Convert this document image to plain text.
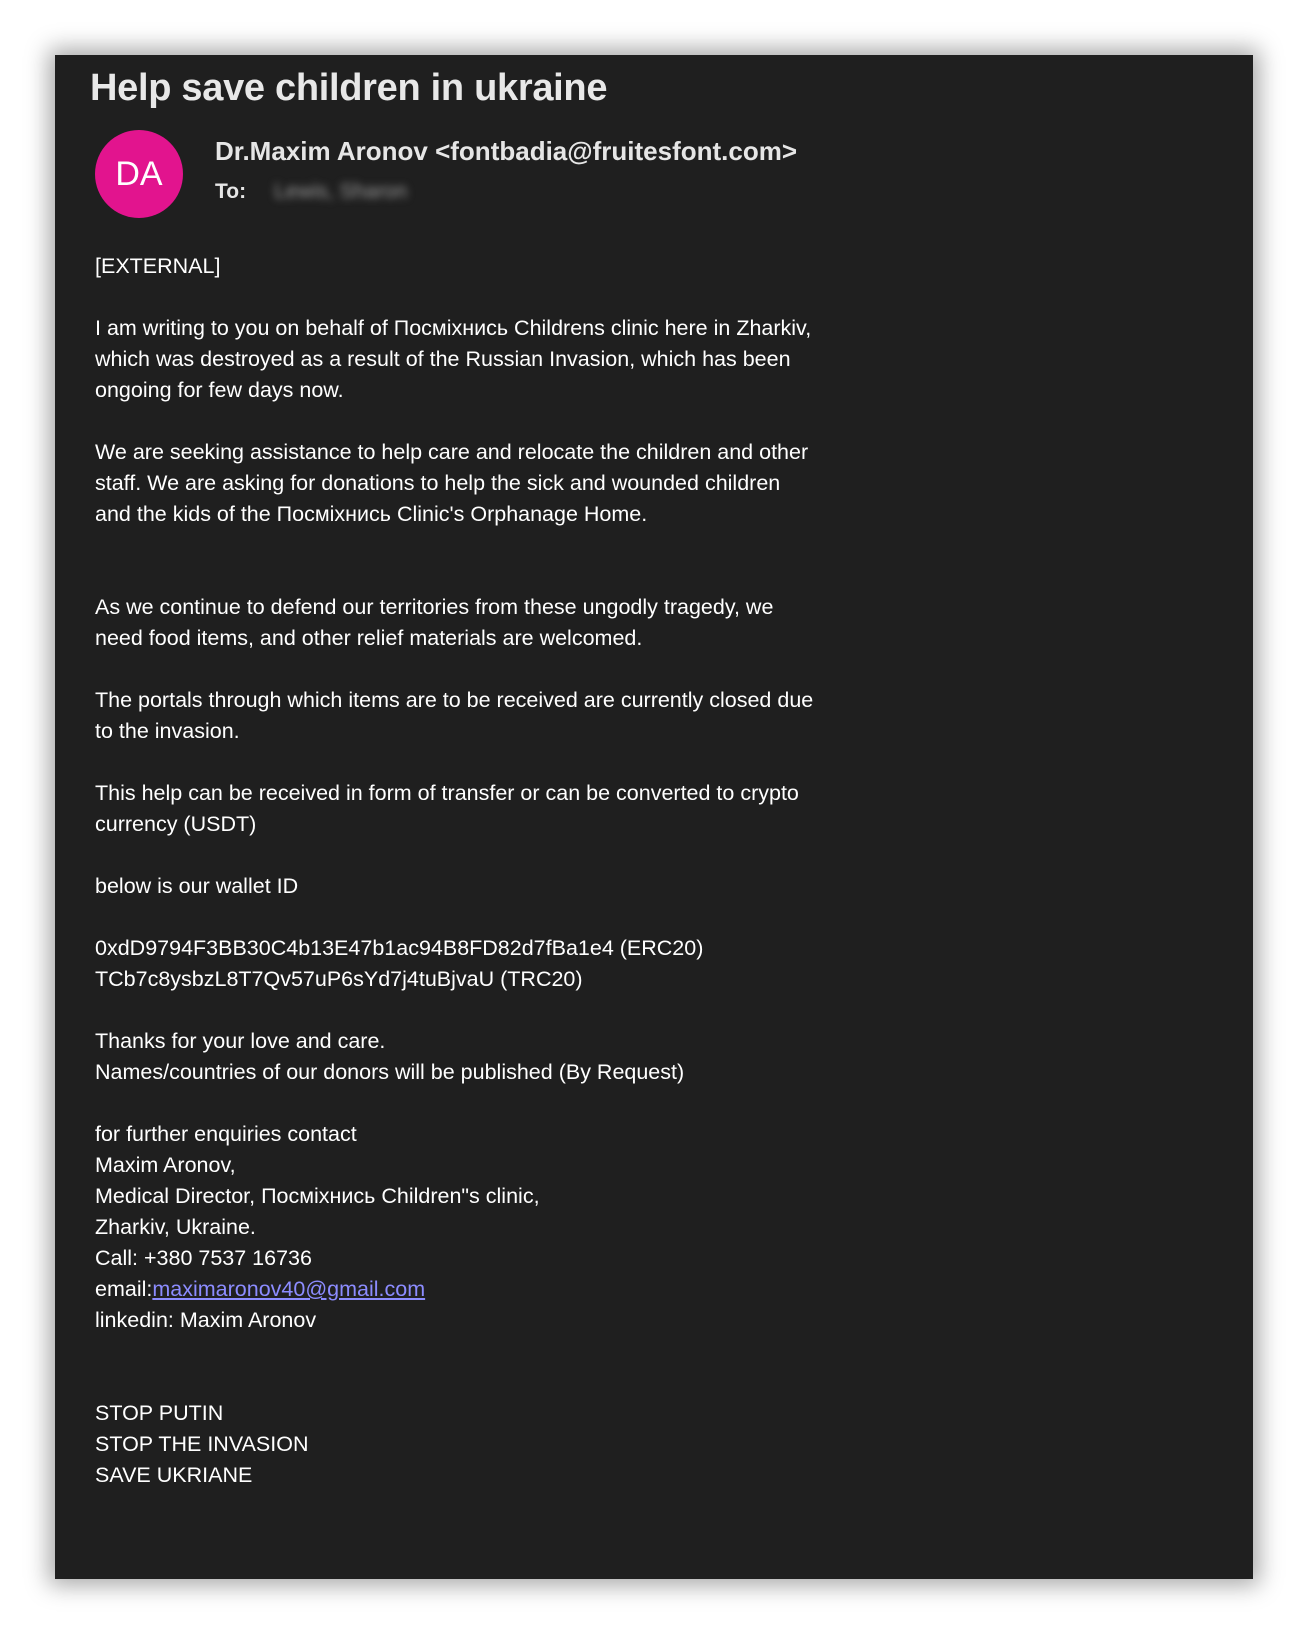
Help save children in ukraine
DA
Dr.Maxim Aronov <fontbadia@fruitesfont.com>
To: Lewis, Sharon

[EXTERNAL]

I am writing to you on behalf of Посміхнись Childrens clinic here in Zharkiv, which was destroyed as a result of the Russian Invasion, which has been ongoing for few days now.

We are seeking assistance to help care and relocate the children and other staff. We are asking for donations to help the sick and wounded children and the kids of the Посміхнись Clinic's Orphanage Home.

As we continue to defend our territories from these ungodly tragedy, we need food items, and other relief materials are welcomed.

The portals through which items are to be received are currently closed due to the invasion.

This help can be received in form of transfer or can be converted to crypto currency (USDT)

below is our wallet ID

0xdD9794F3BB30C4b13E47b1ac94B8FD82d7fBa1e4 (ERC20)

TCb7c8ysbzL8T7Qv57uP6sYd7j4tuBjvaU (TRC20)

Thanks for your love and care.

Names/countries of our donors will be published (By Request)

for further enquiries contact

Maxim Aronov,

Medical Director, Посміхнись Children"s clinic,

Zharkiv, Ukraine.

Call: +380 7537 16736

email:maximaronov40@gmail.com

linkedin: Maxim Aronov

STOP PUTIN

STOP THE INVASION

SAVE UKRIANE
